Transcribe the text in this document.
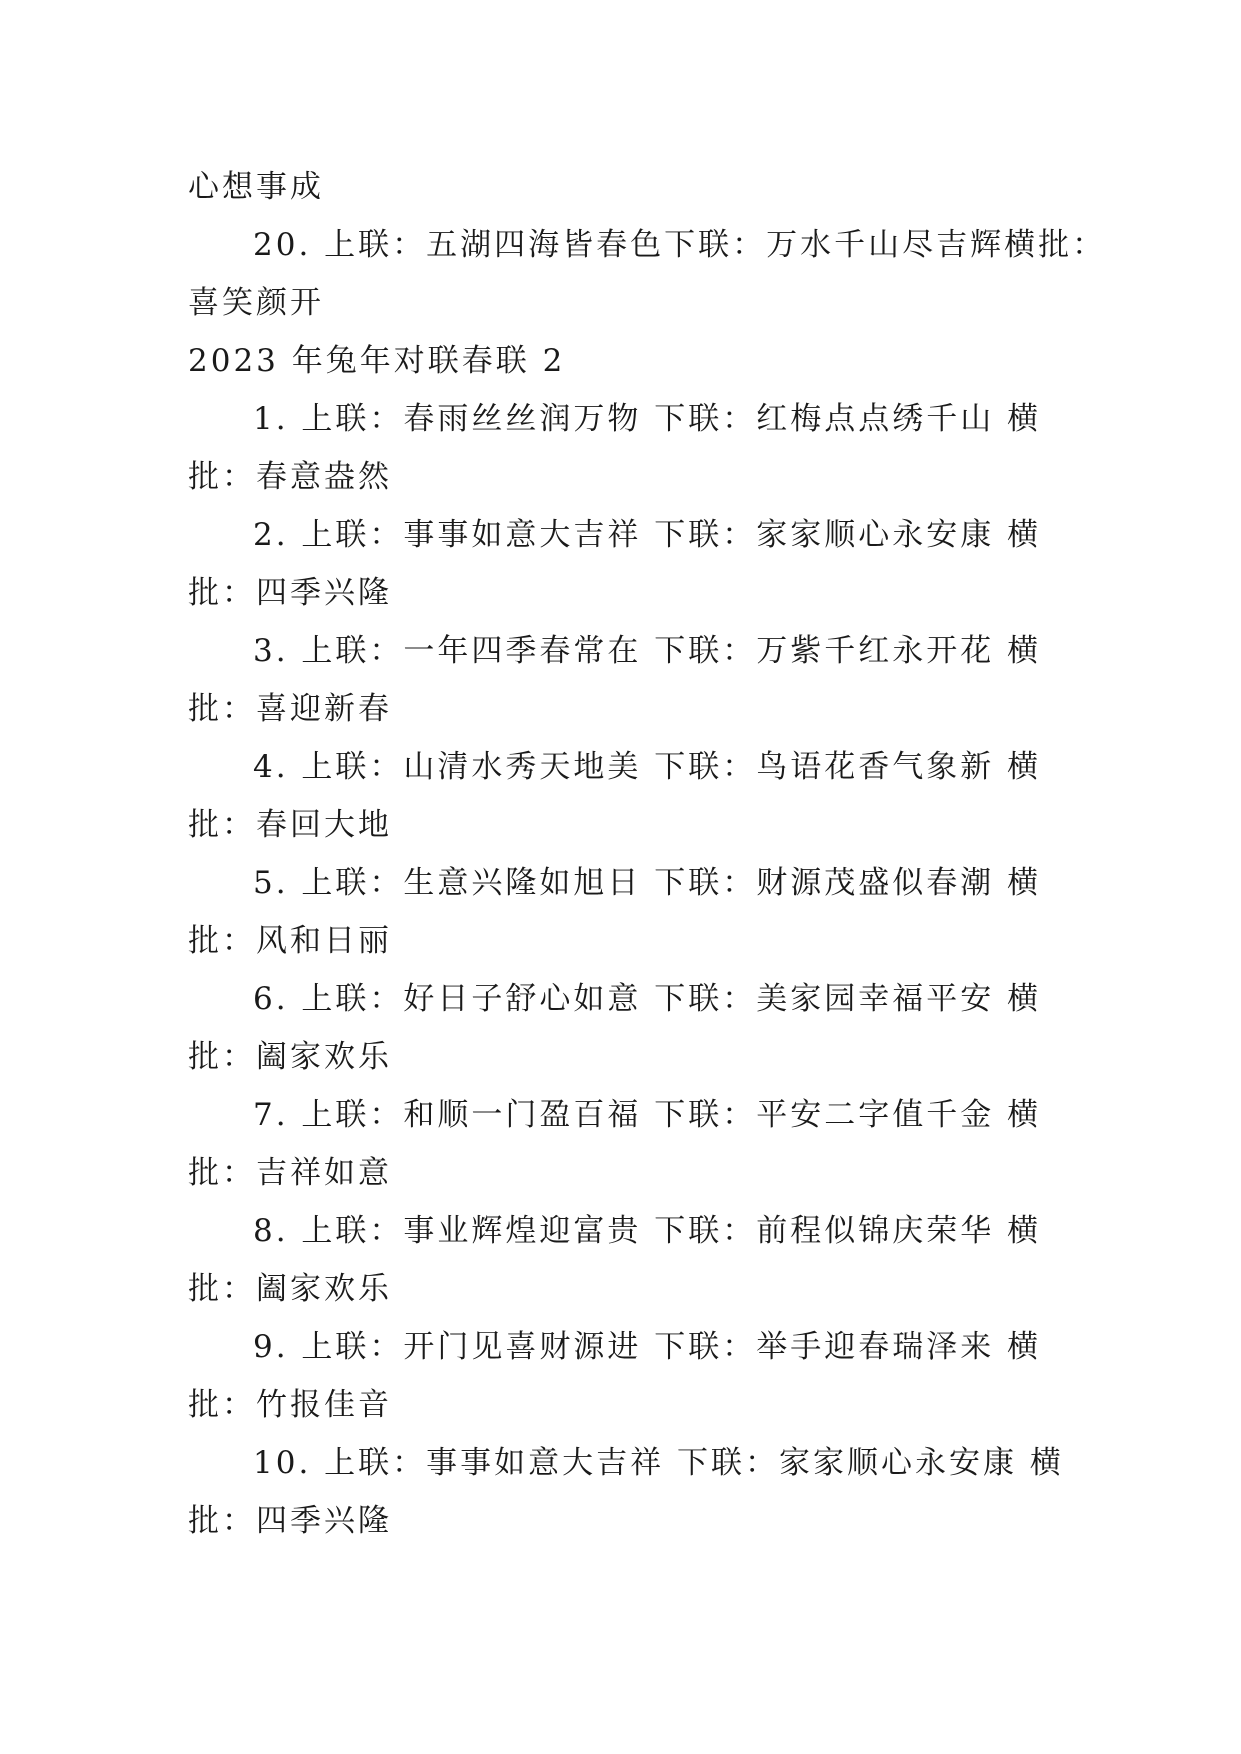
心想事成
20. 上联：五湖四海皆春色下联：万水千山尽吉辉横批：
喜笑颜开
2023 年兔年对联春联 2
1. 上联：春雨丝丝润万物 下联：红梅点点绣千山 横
批：春意盎然
2. 上联：事事如意大吉祥 下联：家家顺心永安康 横
批：四季兴隆
3. 上联：一年四季春常在 下联：万紫千红永开花 横
批：喜迎新春
4. 上联：山清水秀天地美 下联：鸟语花香气象新 横
批：春回大地
5. 上联：生意兴隆如旭日 下联：财源茂盛似春潮 横
批：风和日丽
6. 上联：好日子舒心如意 下联：美家园幸福平安 横
批：阖家欢乐
7. 上联：和顺一门盈百福 下联：平安二字值千金 横
批：吉祥如意
8. 上联：事业辉煌迎富贵 下联：前程似锦庆荣华 横
批：阖家欢乐
9. 上联：开门见喜财源进 下联：举手迎春瑞泽来 横
批：竹报佳音
10. 上联：事事如意大吉祥 下联：家家顺心永安康 横
批：四季兴隆
